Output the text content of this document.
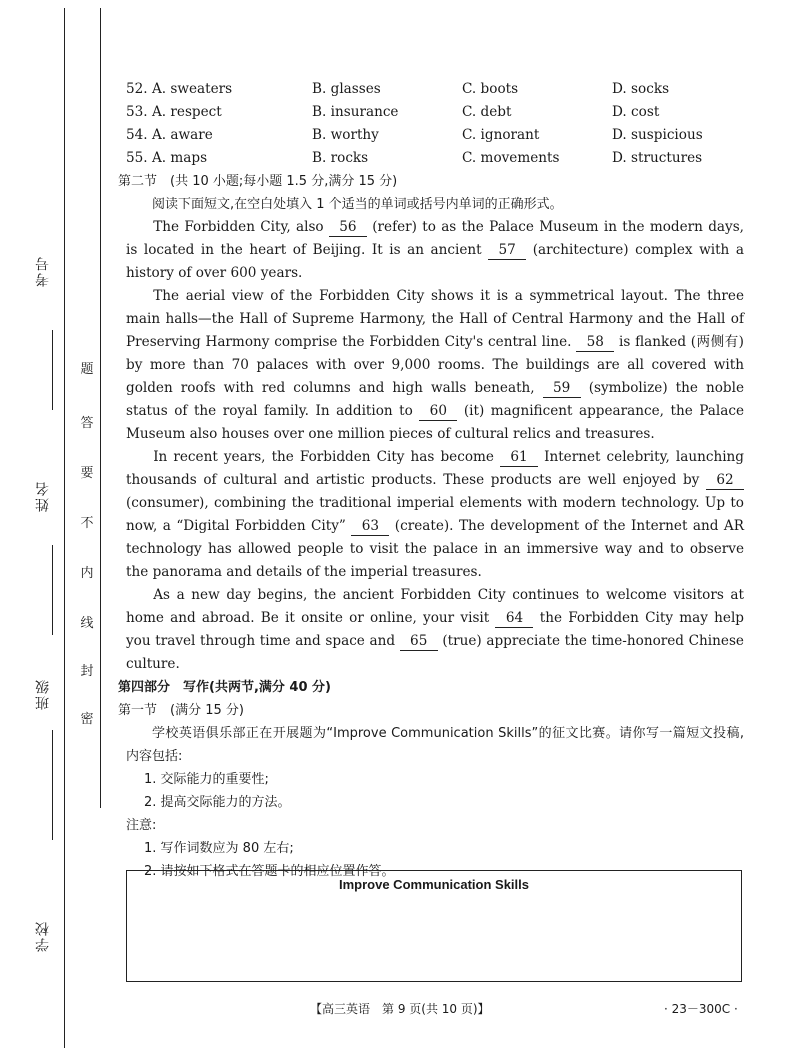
考号
姓名
班级
学校
题
答
要
不
内
线
封
密
52. A. sweaters	B. glasses	C. boots	D. socks
53. A. respect	B. insurance	C. debt	D. cost
54. A. aware	B. worthy	C. ignorant	D. suspicious
55. A. maps	B. rocks	C. movements	D. structures
第二节　(共 10 小题;每小题 1.5 分,满分 15 分)

阅读下面短文,在空白处填入 1 个适当的单词或括号内单词的正确形式。

The Forbidden City, also 56 (refer) to as the Palace Museum in the modern days, is located in the heart of Beijing. It is an ancient 57 (architecture) complex with a history of over 600 years.

The aerial view of the Forbidden City shows it is a symmetrical layout. The three main halls—the Hall of Supreme Harmony, the Hall of Central Harmony and the Hall of Preserving Harmony comprise the Forbidden City's central line. 58 is flanked (两侧有) by more than 70 palaces with over 9,000 rooms. The buildings are all covered with golden roofs with red columns and high walls beneath, 59 (symbolize) the noble status of the royal family. In addition to 60 (it) magnificent appearance, the Palace Museum also houses over one million pieces of cultural relics and treasures.

In recent years, the Forbidden City has become 61 Internet celebrity, launching thousands of cultural and artistic products. These products are well enjoyed by 62 (consumer), combining the traditional imperial elements with modern technology. Up to now, a “Digital Forbidden City” 63 (create). The development of the Internet and AR technology has allowed people to visit the palace in an immersive way and to observe the panorama and details of the imperial treasures.

As a new day begins, the ancient Forbidden City continues to welcome visitors at home and abroad. Be it onsite or online, your visit 64 the Forbidden City may help you travel through time and space and 65 (true) appreciate the time-honored Chinese culture.

第四部分　写作(共两节,满分 40 分)
第一节　(满分 15 分)

学校英语俱乐部正在开展题为“Improve Communication Skills”的征文比赛。请你写一篇短文投稿,内容包括:

1. 交际能力的重要性;

2. 提高交际能力的方法。

注意:

1. 写作词数应为 80 左右;

2. 请按如下格式在答题卡的相应位置作答。

Improve Communication Skills
【高三英语　第 9 页(共 10 页)】	· 23－300C ·
